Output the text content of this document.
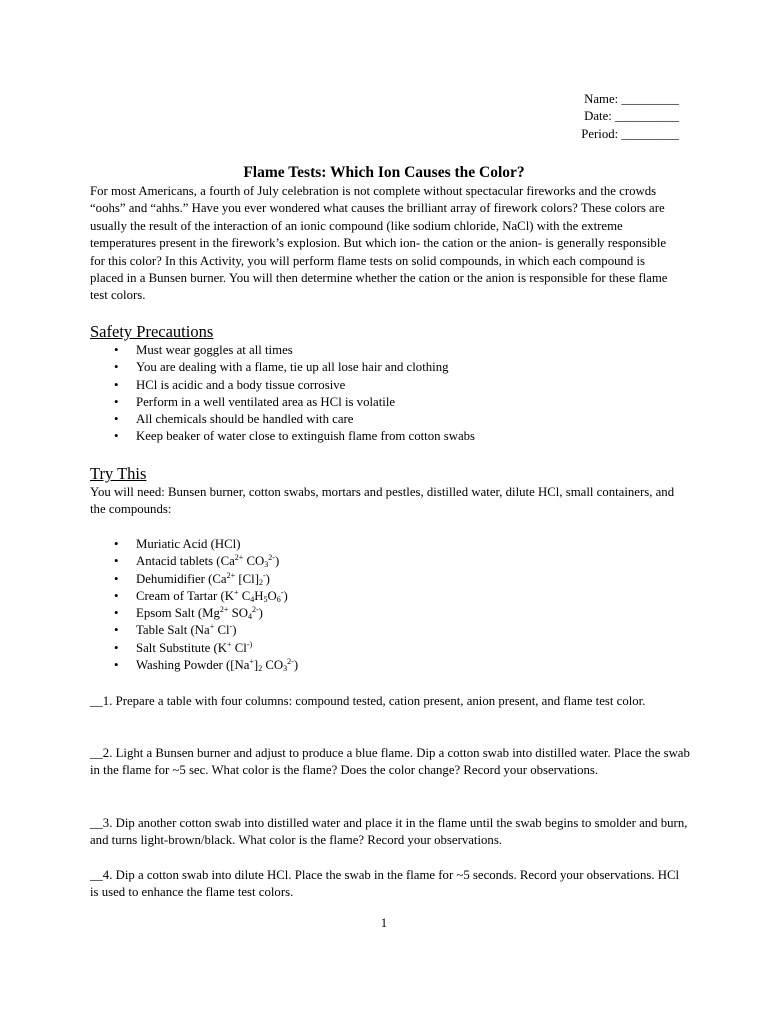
Name: _________
Date: __________
Period: _________
Flame Tests: Which Ion Causes the Color?

For most Americans, a fourth of July celebration is not complete without spectacular fireworks and the crowds “oohs” and “ahhs.” Have you ever wondered what causes the brilliant array of firework colors? These colors are usually the result of the interaction of an ionic compound (like sodium chloride, NaCl) with the extreme temperatures present in the firework’s explosion. But which ion- the cation or the anion- is generally responsible for this color? In this Activity, you will perform flame tests on solid compounds, in which each compound is placed in a Bunsen burner. You will then determine whether the cation or the anion is responsible for these flame test colors.

Safety Precautions
• Must wear goggles at all times
• You are dealing with a flame, tie up all lose hair and clothing
• HCl is acidic and a body tissue corrosive
• Perform in a well ventilated area as HCl is volatile
• All chemicals should be handled with care
• Keep beaker of water close to extinguish flame from cotton swabs
Try This

You will need: Bunsen burner, cotton swabs, mortars and pestles, distilled water, dilute HCl, small containers, and the compounds:

• Muriatic Acid (HCl)
• Antacid tablets ($Ca^{2+}$ $CO_3^{2-}$)
• Dehumidifier ($Ca^{2+}$ $[Cl]_2^-$)
• Cream of Tartar (K+ $C_4H_5O_6^-$)
• Epsom Salt ($Mg^{2+}$ $SO_4^{2-}$)
• Table Salt (Na+ Cl-)
• Salt Substitute (K+ Cl-)
• Washing Powder ($[Na^+]_2$ $CO_3^{2-}$)

__1. Prepare a table with four columns: compound tested, cation present, anion present, and flame test color.

__2. Light a Bunsen burner and adjust to produce a blue flame. Dip a cotton swab into distilled water. Place the swab in the flame for ~5 sec. What color is the flame? Does the color change? Record your observations.

__3. Dip another cotton swab into distilled water and place it in the flame until the swab begins to smolder and burn, and turns light-brown/black. What color is the flame? Record your observations.

__4. Dip a cotton swab into dilute HCl. Place the swab in the flame for ~5 seconds. Record your observations. HCl is used to enhance the flame test colors.

1
